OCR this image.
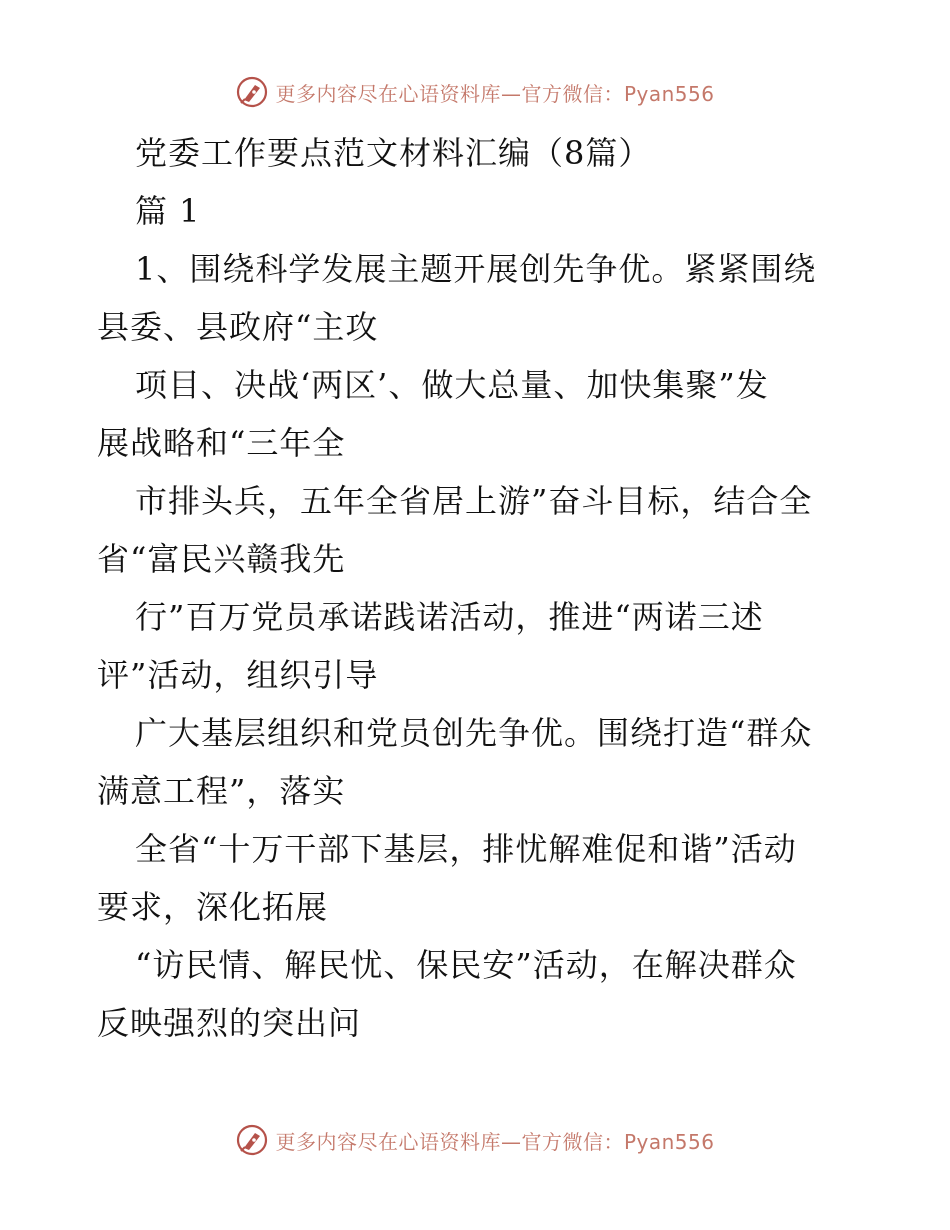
更多内容尽在心语资料库—官方微信：Pyan556
党委工作要点范文材料汇编（8篇）
篇 1
1、围绕科学发展主题开展创先争优。紧紧围绕
县委、县政府“主攻
项目、决战‘两区’、做大总量、加快集聚”发
展战略和“三年全
市排头兵，五年全省居上游”奋斗目标，结合全
省“富民兴赣我先
行”百万党员承诺践诺活动，推进“两诺三述
评”活动，组织引导
广大基层组织和党员创先争优。围绕打造“群众
满意工程”，落实
全省“十万干部下基层，排忧解难促和谐”活动
要求，深化拓展
“访民情、解民忧、保民安”活动，在解决群众
反映强烈的突出问
更多内容尽在心语资料库—官方微信：Pyan556
